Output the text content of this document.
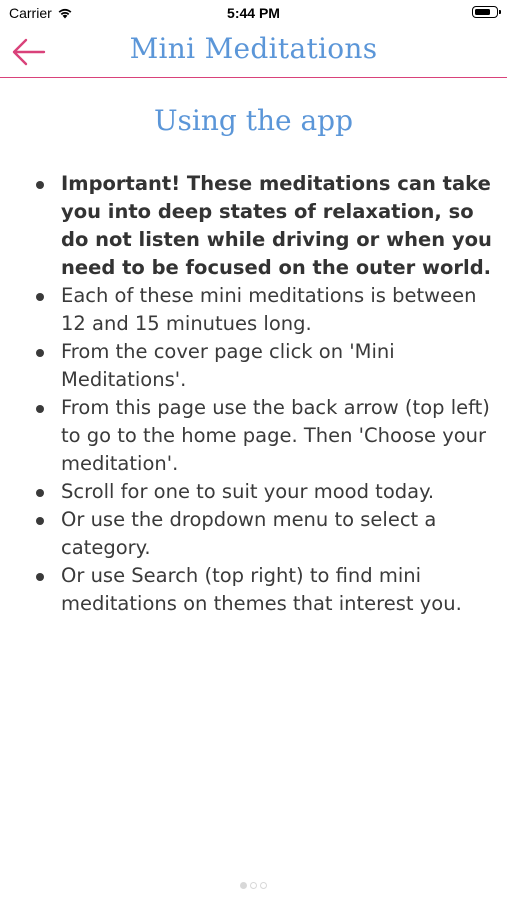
Carrier	5:44 PM
Mini Meditations
Using the app
Important! These meditations can take you into deep states of relaxation, so do not listen while driving or when you need to be focused on the outer world.
Each of these mini meditations is between 12 and 15 minutues long.
From the cover page click on 'Mini Meditations'.
From this page use the back arrow (top left) to go to the home page. Then 'Choose your meditation'.
Scroll for one to suit your mood today.
Or use the dropdown menu to select a category.
Or use Search (top right) to find mini meditations on themes that interest you.
